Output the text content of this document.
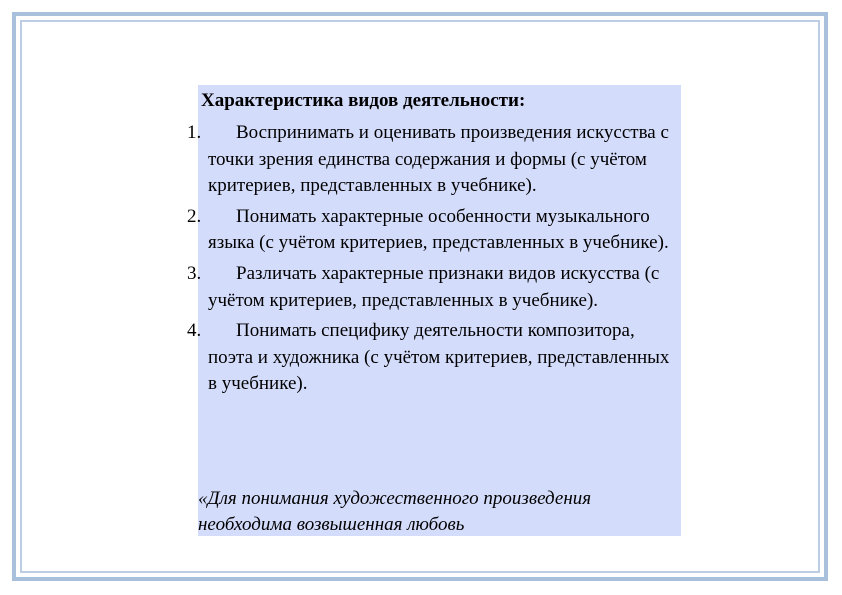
Характеристика видов деятельности:
1. Воспринимать и оценивать произведения искусства с точки зрения единства содержания и формы (с учётом критериев, представленных в учебнике).
2. Понимать характерные особенности музыкального языка (с учётом критериев, представленных в учебнике).
3. Различать характерные признаки видов искусства (с учётом критериев, представленных в учебнике).
4. Понимать специфику деятельности композитора, поэта и художника (с учётом критериев, представленных в учебнике).
«Для понимания художественного произведения необходима возвышенная любовь
